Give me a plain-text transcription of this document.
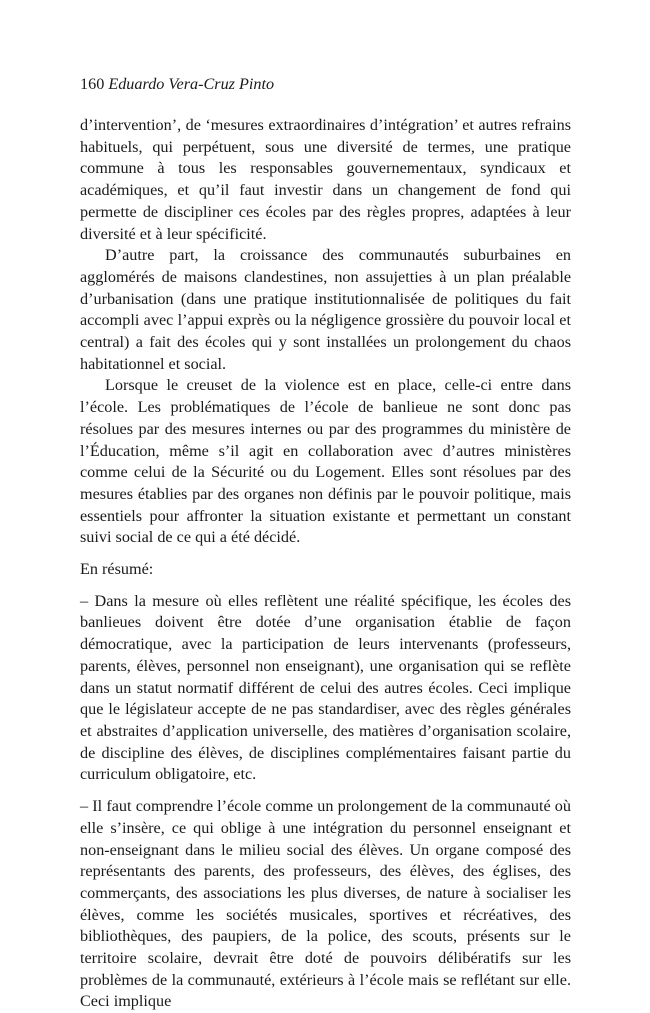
160 Eduardo Vera-Cruz Pinto

d’intervention’, de ‘mesures extraordinaires d’intégration’ et autres refrains habituels, qui perpétuent, sous une diversité de termes, une pratique commune à tous les responsables gouvernementaux, syndicaux et académiques, et qu’il faut investir dans un changement de fond qui permette de discipliner ces écoles par des règles propres, adaptées à leur diversité et à leur spécificité.

D’autre part, la croissance des communautés suburbaines en agglomérés de maisons clandestines, non assujetties à un plan préalable d’urbanisation (dans une pratique institutionnalisée de politiques du fait accompli avec l’appui exprès ou la négligence grossière du pouvoir local et central) a fait des écoles qui y sont installées un prolongement du chaos habitationnel et social.

Lorsque le creuset de la violence est en place, celle-ci entre dans l’école. Les problématiques de l’école de banlieue ne sont donc pas résolues par des mesures internes ou par des programmes du ministère de l’Éducation, même s’il agit en collaboration avec d’autres ministères comme celui de la Sécurité ou du Logement. Elles sont résolues par des mesures établies par des organes non définis par le pouvoir politique, mais essentiels pour affronter la situation existante et permettant un constant suivi social de ce qui a été décidé.

En résumé:

– Dans la mesure où elles reflètent une réalité spécifique, les écoles des banlieues doivent être dotée d’une organisation établie de façon démocratique, avec la participation de leurs intervenants (professeurs, parents, élèves, personnel non enseignant), une organisation qui se reflète dans un statut normatif différent de celui des autres écoles. Ceci implique que le législateur accepte de ne pas standardiser, avec des règles générales et abstraites d’application universelle, des matières d’organisation scolaire, de discipline des élèves, de disciplines complémentaires faisant partie du curriculum obligatoire, etc.

– Il faut comprendre l’école comme un prolongement de la communauté où elle s’insère, ce qui oblige à une intégration du personnel enseignant et non-enseignant dans le milieu social des élèves. Un organe composé des représentants des parents, des professeurs, des élèves, des églises, des commerçants, des associations les plus diverses, de nature à socialiser les élèves, comme les sociétés musicales, sportives et récréatives, des bibliothèques, des paupiers, de la police, des scouts, présents sur le territoire scolaire, devrait être doté de pouvoirs délibératifs sur les problèmes de la communauté, extérieurs à l’école mais se reflétant sur elle. Ceci implique
